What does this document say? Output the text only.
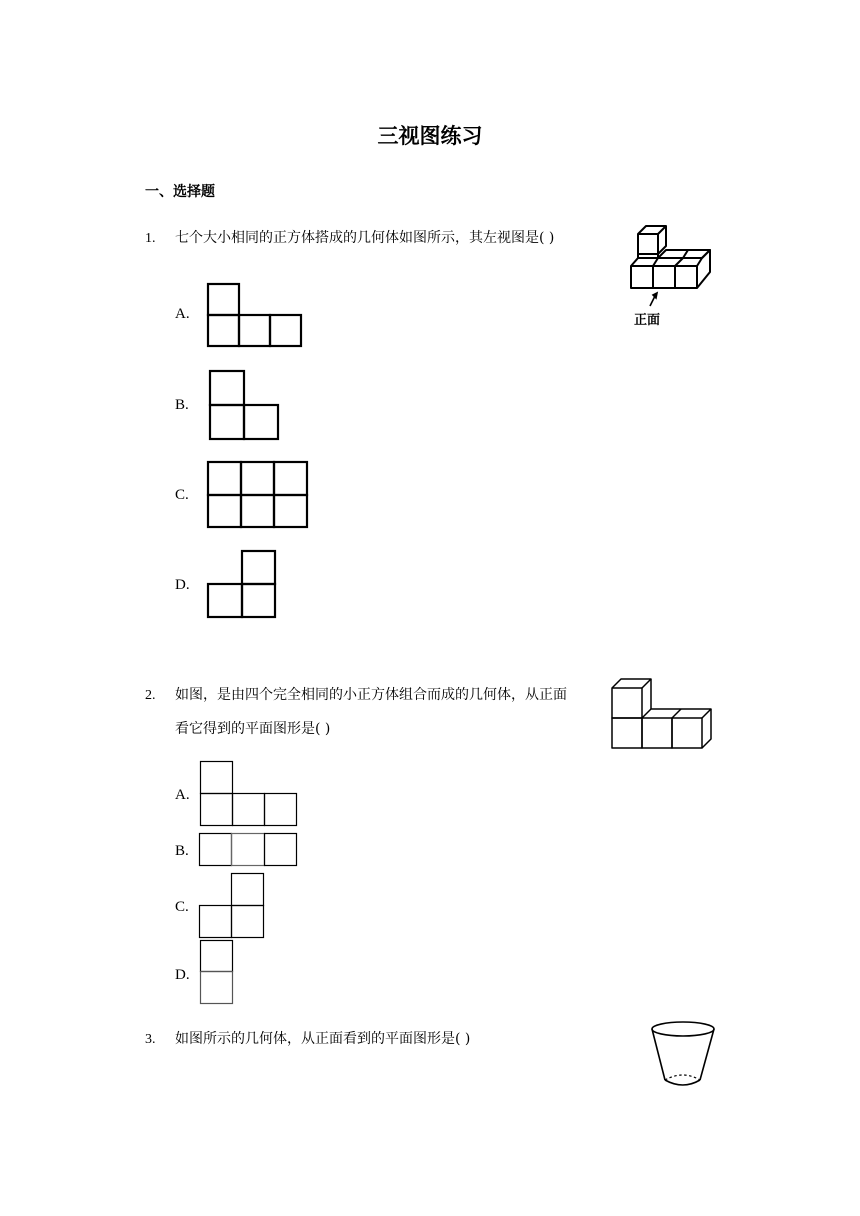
三视图练习
一、选择题
1. 七个大小相同的正方体搭成的几何体如图所示，其左视图是( )
正面
A.
B.
C.
D.
2. 如图，是由四个完全相同的小正方体组合而成的几何体，从正面
看它得到的平面图形是( )
A.
B.
C.
D.
3. 如图所示的几何体，从正面看到的平面图形是( )
